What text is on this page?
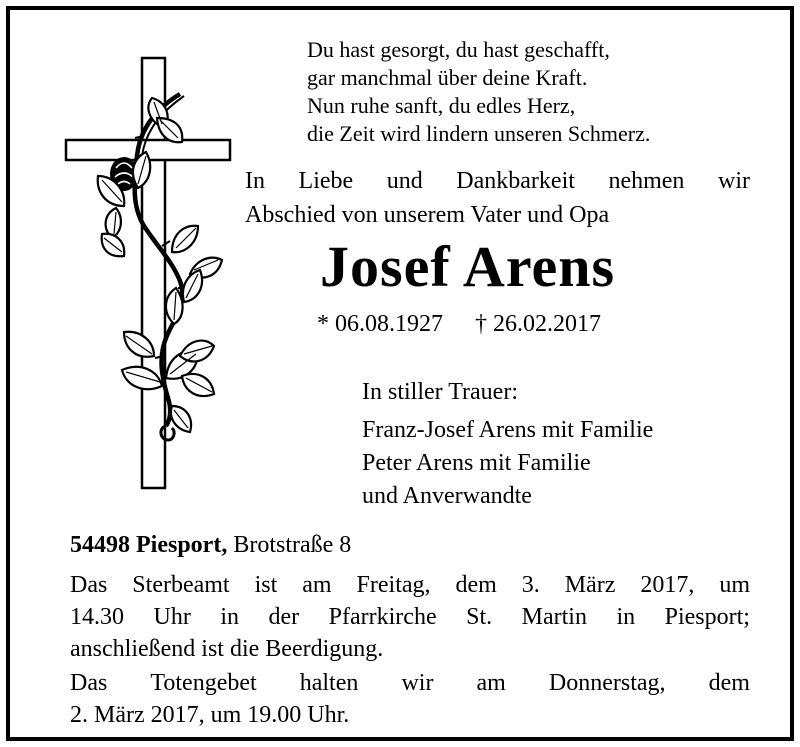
Du hast gesorgt, du hast geschafft,
gar manchmal über deine Kraft.
Nun ruhe sanft, du edles Herz,
die Zeit wird lindern unseren Schmerz.
In Liebe und Dankbarkeit nehmen wir
Abschied von unserem Vater und Opa
Josef Arens
* 06.08.1927 † 26.02.2017
In stiller Trauer:
Franz-Josef Arens mit Familie
Peter Arens mit Familie
und Anverwandte
54498 Piesport, Brotstraße 8
Das Sterbeamt ist am Freitag, dem 3. März 2017, um
14.30 Uhr in der Pfarrkirche St. Martin in Piesport;
anschließend ist die Beerdigung.
Das Totengebet halten wir am Donnerstag, dem
2. März 2017, um 19.00 Uhr.
